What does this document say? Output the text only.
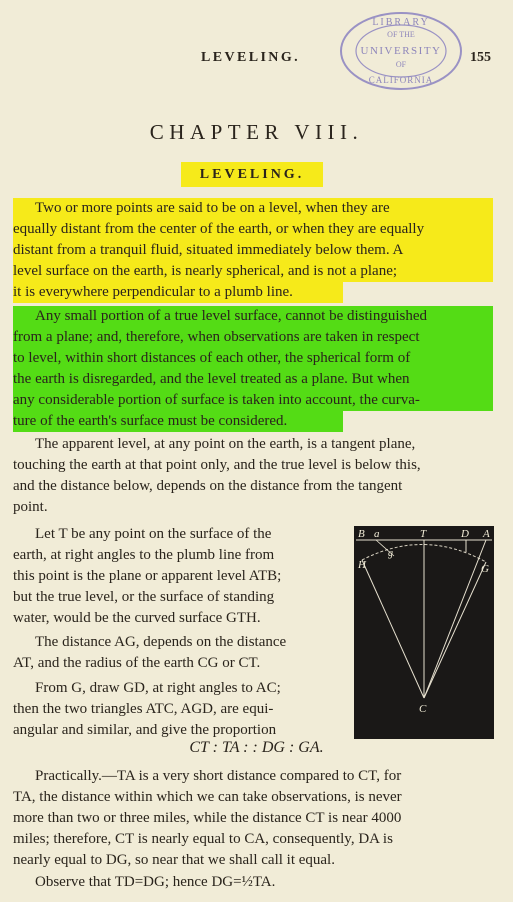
LEVELING.	155
LIBRARY
OF THE
UNIVERSITY
OF
CALIFORNIA
CHAPTER VIII.
LEVELING.
Two or more points are said to be on a level, when they are
equally distant from the center of the earth, or when they are equally
distant from a tranquil fluid, situated immediately below them. A
level surface on the earth, is nearly spherical, and is not a plane;
it is everywhere perpendicular to a plumb line.
Any small portion of a true level surface, cannot be distinguished
from a plane; and, therefore, when observations are taken in respect
to level, within short distances of each other, the spherical form of
the earth is disregarded, and the level treated as a plane. But when
any considerable portion of surface is taken into account, the curva-
ture of the earth's surface must be considered.
The apparent level, at any point on the earth, is a tangent plane,
touching the earth at that point only, and the true level is below this,
and the distance below, depends on the distance from the tangent
point.
Let T be any point on the surface of the
earth, at right angles to the plumb line from
this point is the plane or apparent level ATB;
but the true level, or the surface of standing
water, would be the curved surface GTH.
The distance AG, depends on the distance
AT, and the radius of the earth CG or CT.
From G, draw GD, at right angles to AC;
then the two triangles ATC, AGD, are equi-
angular and similar, and give the proportion
B a	T	D A
H
g
G
C
CT : TA : : DG : GA.
Practically.—TA is a very short distance compared to CT, for
TA, the distance within which we can take observations, is never
more than two or three miles, while the distance CT is near 4000
miles; therefore, CT is nearly equal to CA, consequently, DA is
nearly equal to DG, so near that we shall call it equal.
Observe that TD=DG; hence DG=½TA.
